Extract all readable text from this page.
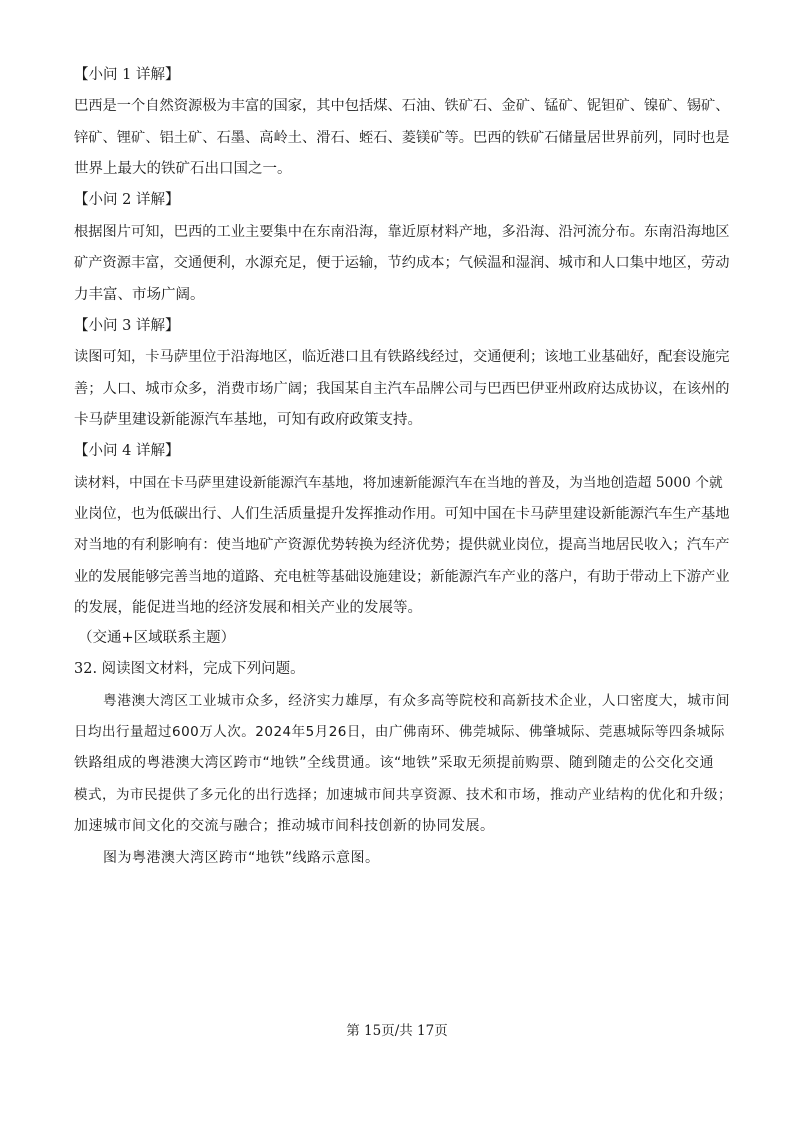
【小问 1 详解】
巴西是一个自然资源极为丰富的国家，其中包括煤、石油、铁矿石、金矿、锰矿、铌钽矿、镍矿、锡矿、
锌矿、锂矿、铝土矿、石墨、高岭土、滑石、蛭石、菱镁矿等。巴西的铁矿石储量居世界前列，同时也是
世界上最大的铁矿石出口国之一。
【小问 2 详解】
根据图片可知，巴西的工业主要集中在东南沿海，靠近原材料产地，多沿海、沿河流分布。东南沿海地区
矿产资源丰富，交通便利，水源充足，便于运输，节约成本；气候温和湿润、城市和人口集中地区，劳动
力丰富、市场广阔。
【小问 3 详解】
读图可知，卡马萨里位于沿海地区，临近港口且有铁路线经过，交通便利；该地工业基础好，配套设施完
善；人口、城市众多，消费市场广阔；我国某自主汽车品牌公司与巴西巴伊亚州政府达成协议，在该州的
卡马萨里建设新能源汽车基地，可知有政府政策支持。
【小问 4 详解】
读材料，中国在卡马萨里建设新能源汽车基地，将加速新能源汽车在当地的普及，为当地创造超 5000 个就
业岗位，也为低碳出行、人们生活质量提升发挥推动作用。可知中国在卡马萨里建设新能源汽车生产基地
对当地的有利影响有：使当地矿产资源优势转换为经济优势；提供就业岗位，提高当地居民收入；汽车产
业的发展能够完善当地的道路、充电桩等基础设施建设；新能源汽车产业的落户，有助于带动上下游产业
的发展，能促进当地的经济发展和相关产业的发展等。
（交通+区域联系主题）
32. 阅读图文材料，完成下列问题。
粤港澳大湾区工业城市众多，经济实力雄厚，有众多高等院校和高新技术企业，人口密度大，城市间
日均出行量超过600万人次。2024年5月26日，由广佛南环、佛莞城际、佛肇城际、莞惠城际等四条城际
铁路组成的粤港澳大湾区跨市“地铁”全线贯通。该“地铁”采取无须提前购票、随到随走的公交化交通
模式，为市民提供了多元化的出行选择；加速城市间共享资源、技术和市场，推动产业结构的优化和升级；
加速城市间文化的交流与融合；推动城市间科技创新的协同发展。
图为粤港澳大湾区跨市“地铁”线路示意图。
第 15页/共 17页
